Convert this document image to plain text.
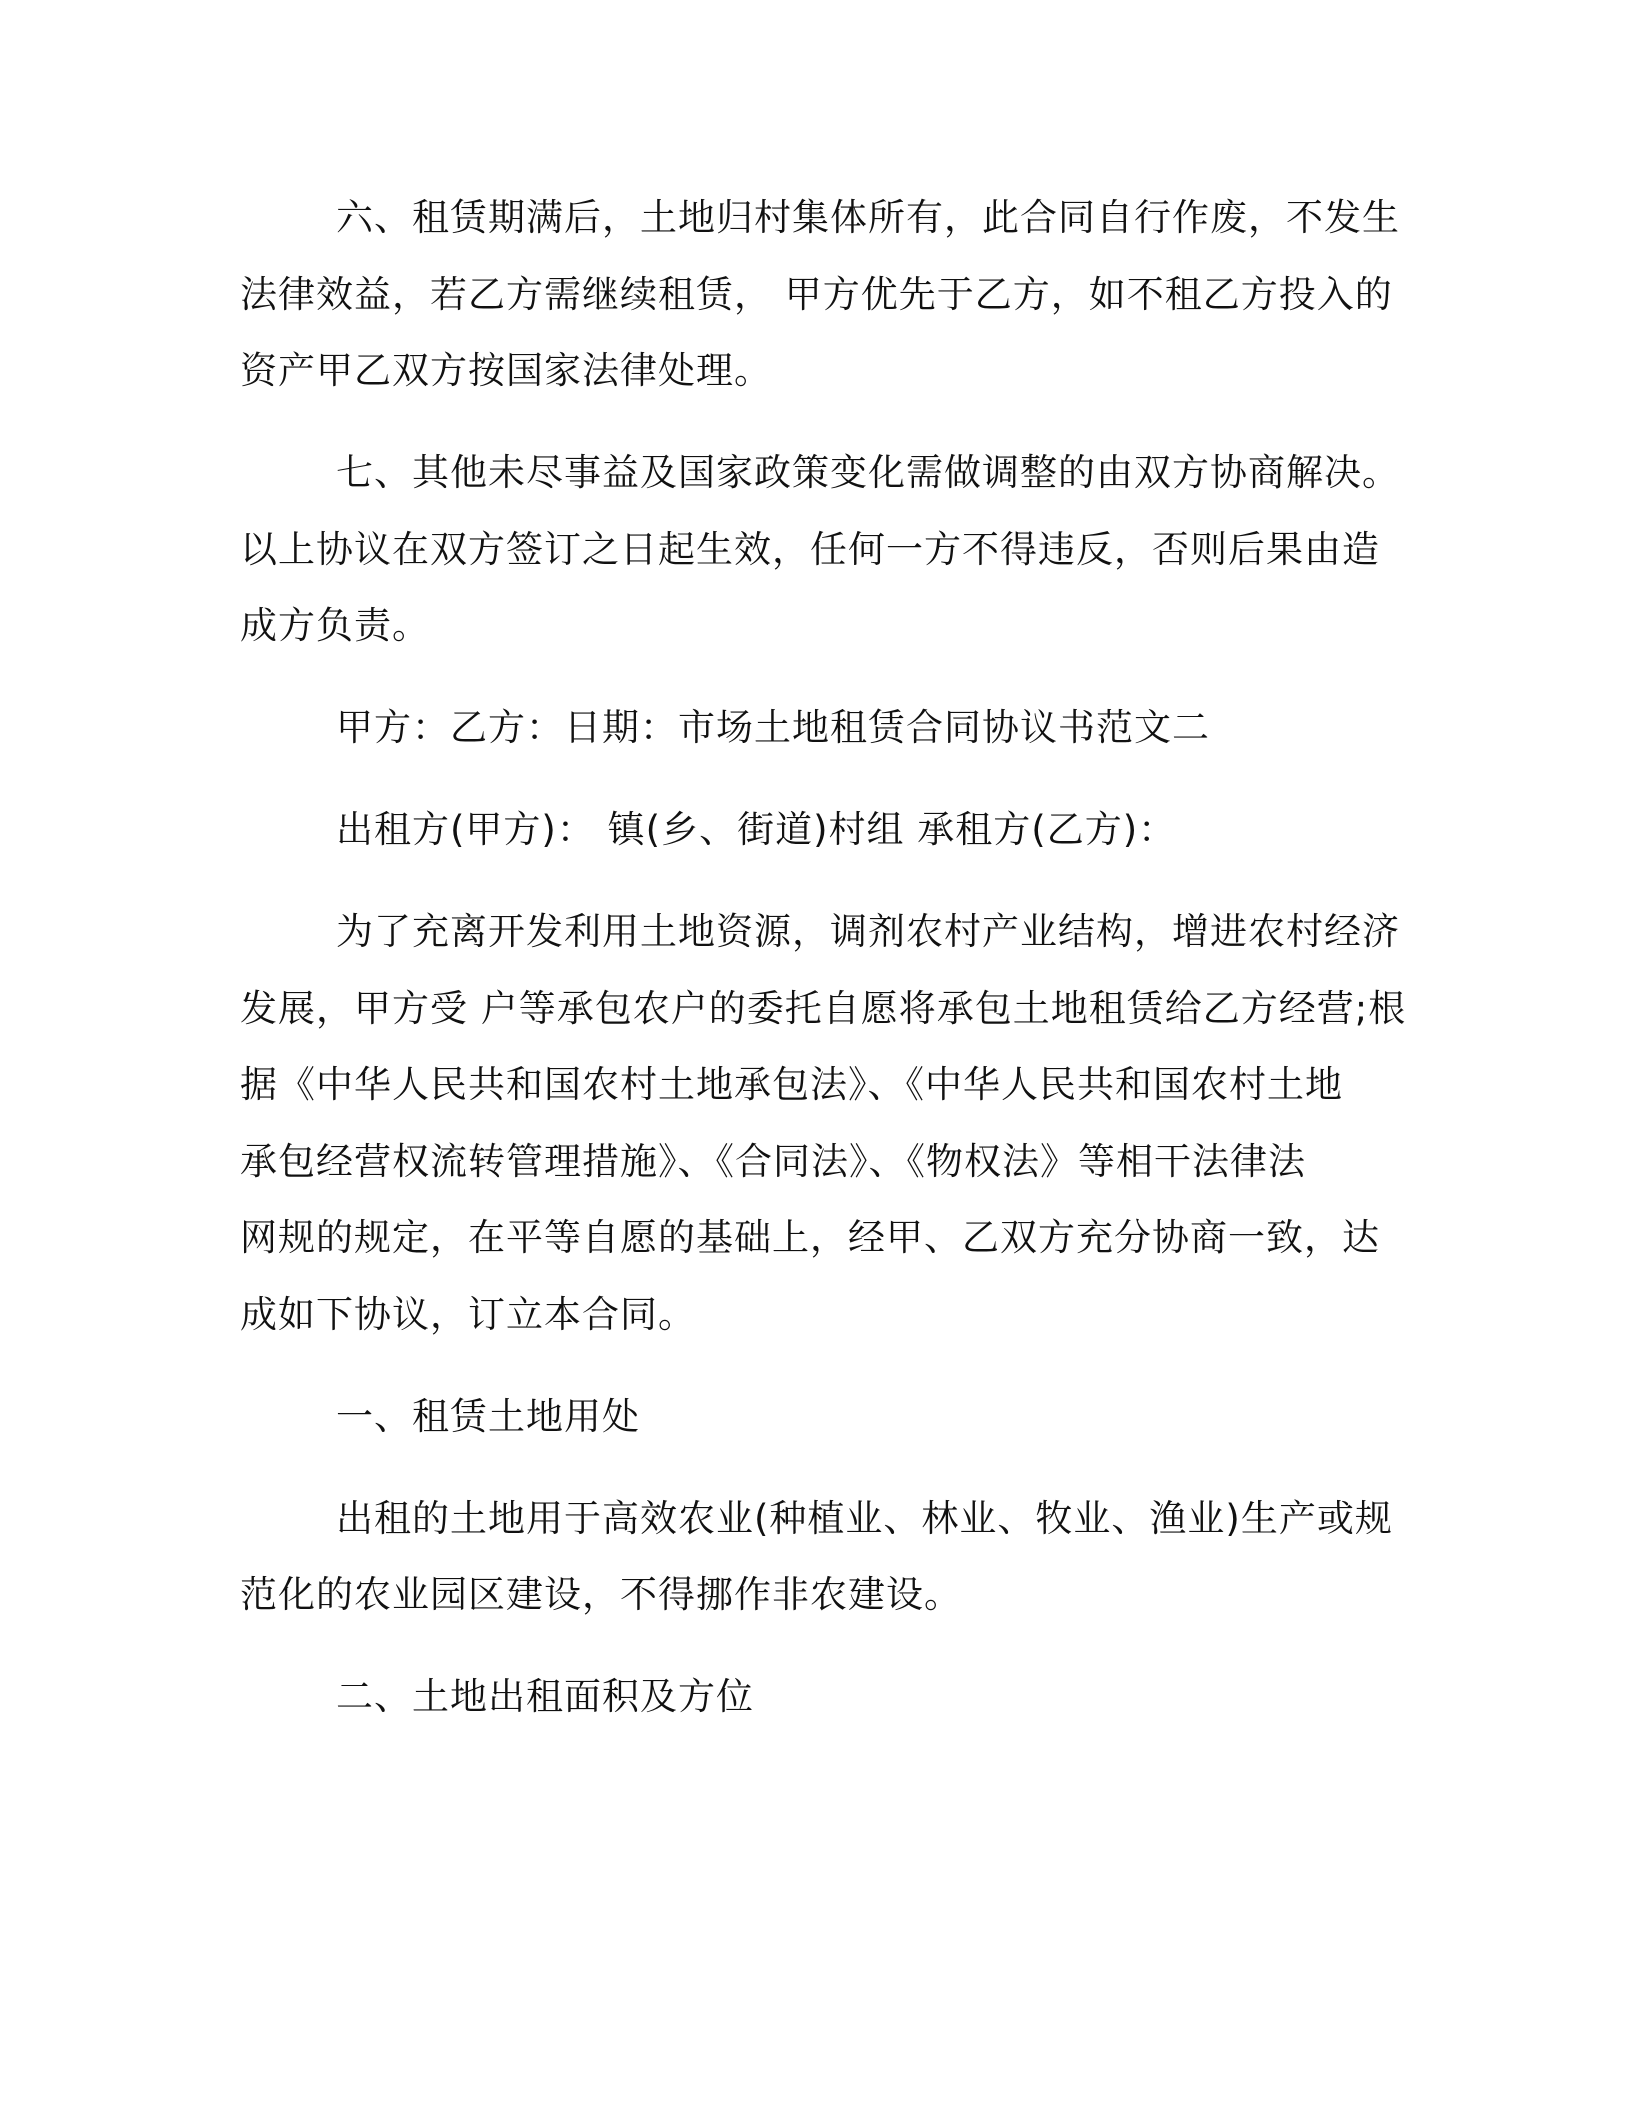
六、租赁期满后，土地归村集体所有，此合同自行作废，不发生
法律效益，若乙方需继续租赁， 甲方优先于乙方，如不租乙方投入的
资产甲乙双方按国家法律处理。
七、其他未尽事益及国家政策变化需做调整的由双方协商解决。
以上协议在双方签订之日起生效，任何一方不得违反，否则后果由造
成方负责。
甲方：乙方：日期：市场土地租赁合同协议书范文二
出租方(甲方)： 镇(乡、街道)村组 承租方(乙方)：
为了充离开发利用土地资源，调剂农村产业结构，增进农村经济
发展，甲方受 户等承包农户的委托自愿将承包土地租赁给乙方经营;根
据《中华人民共和国农村土地承包法》、《中华人民共和国农村土地
承包经营权流转管理措施》、《合同法》、《物权法》等相干法律法
网规的规定，在平等自愿的基础上，经甲、乙双方充分协商一致，达
成如下协议，订立本合同。
一、租赁土地用处
出租的土地用于高效农业(种植业、林业、牧业、渔业)生产或规
范化的农业园区建设，不得挪作非农建设。
二、土地出租面积及方位
